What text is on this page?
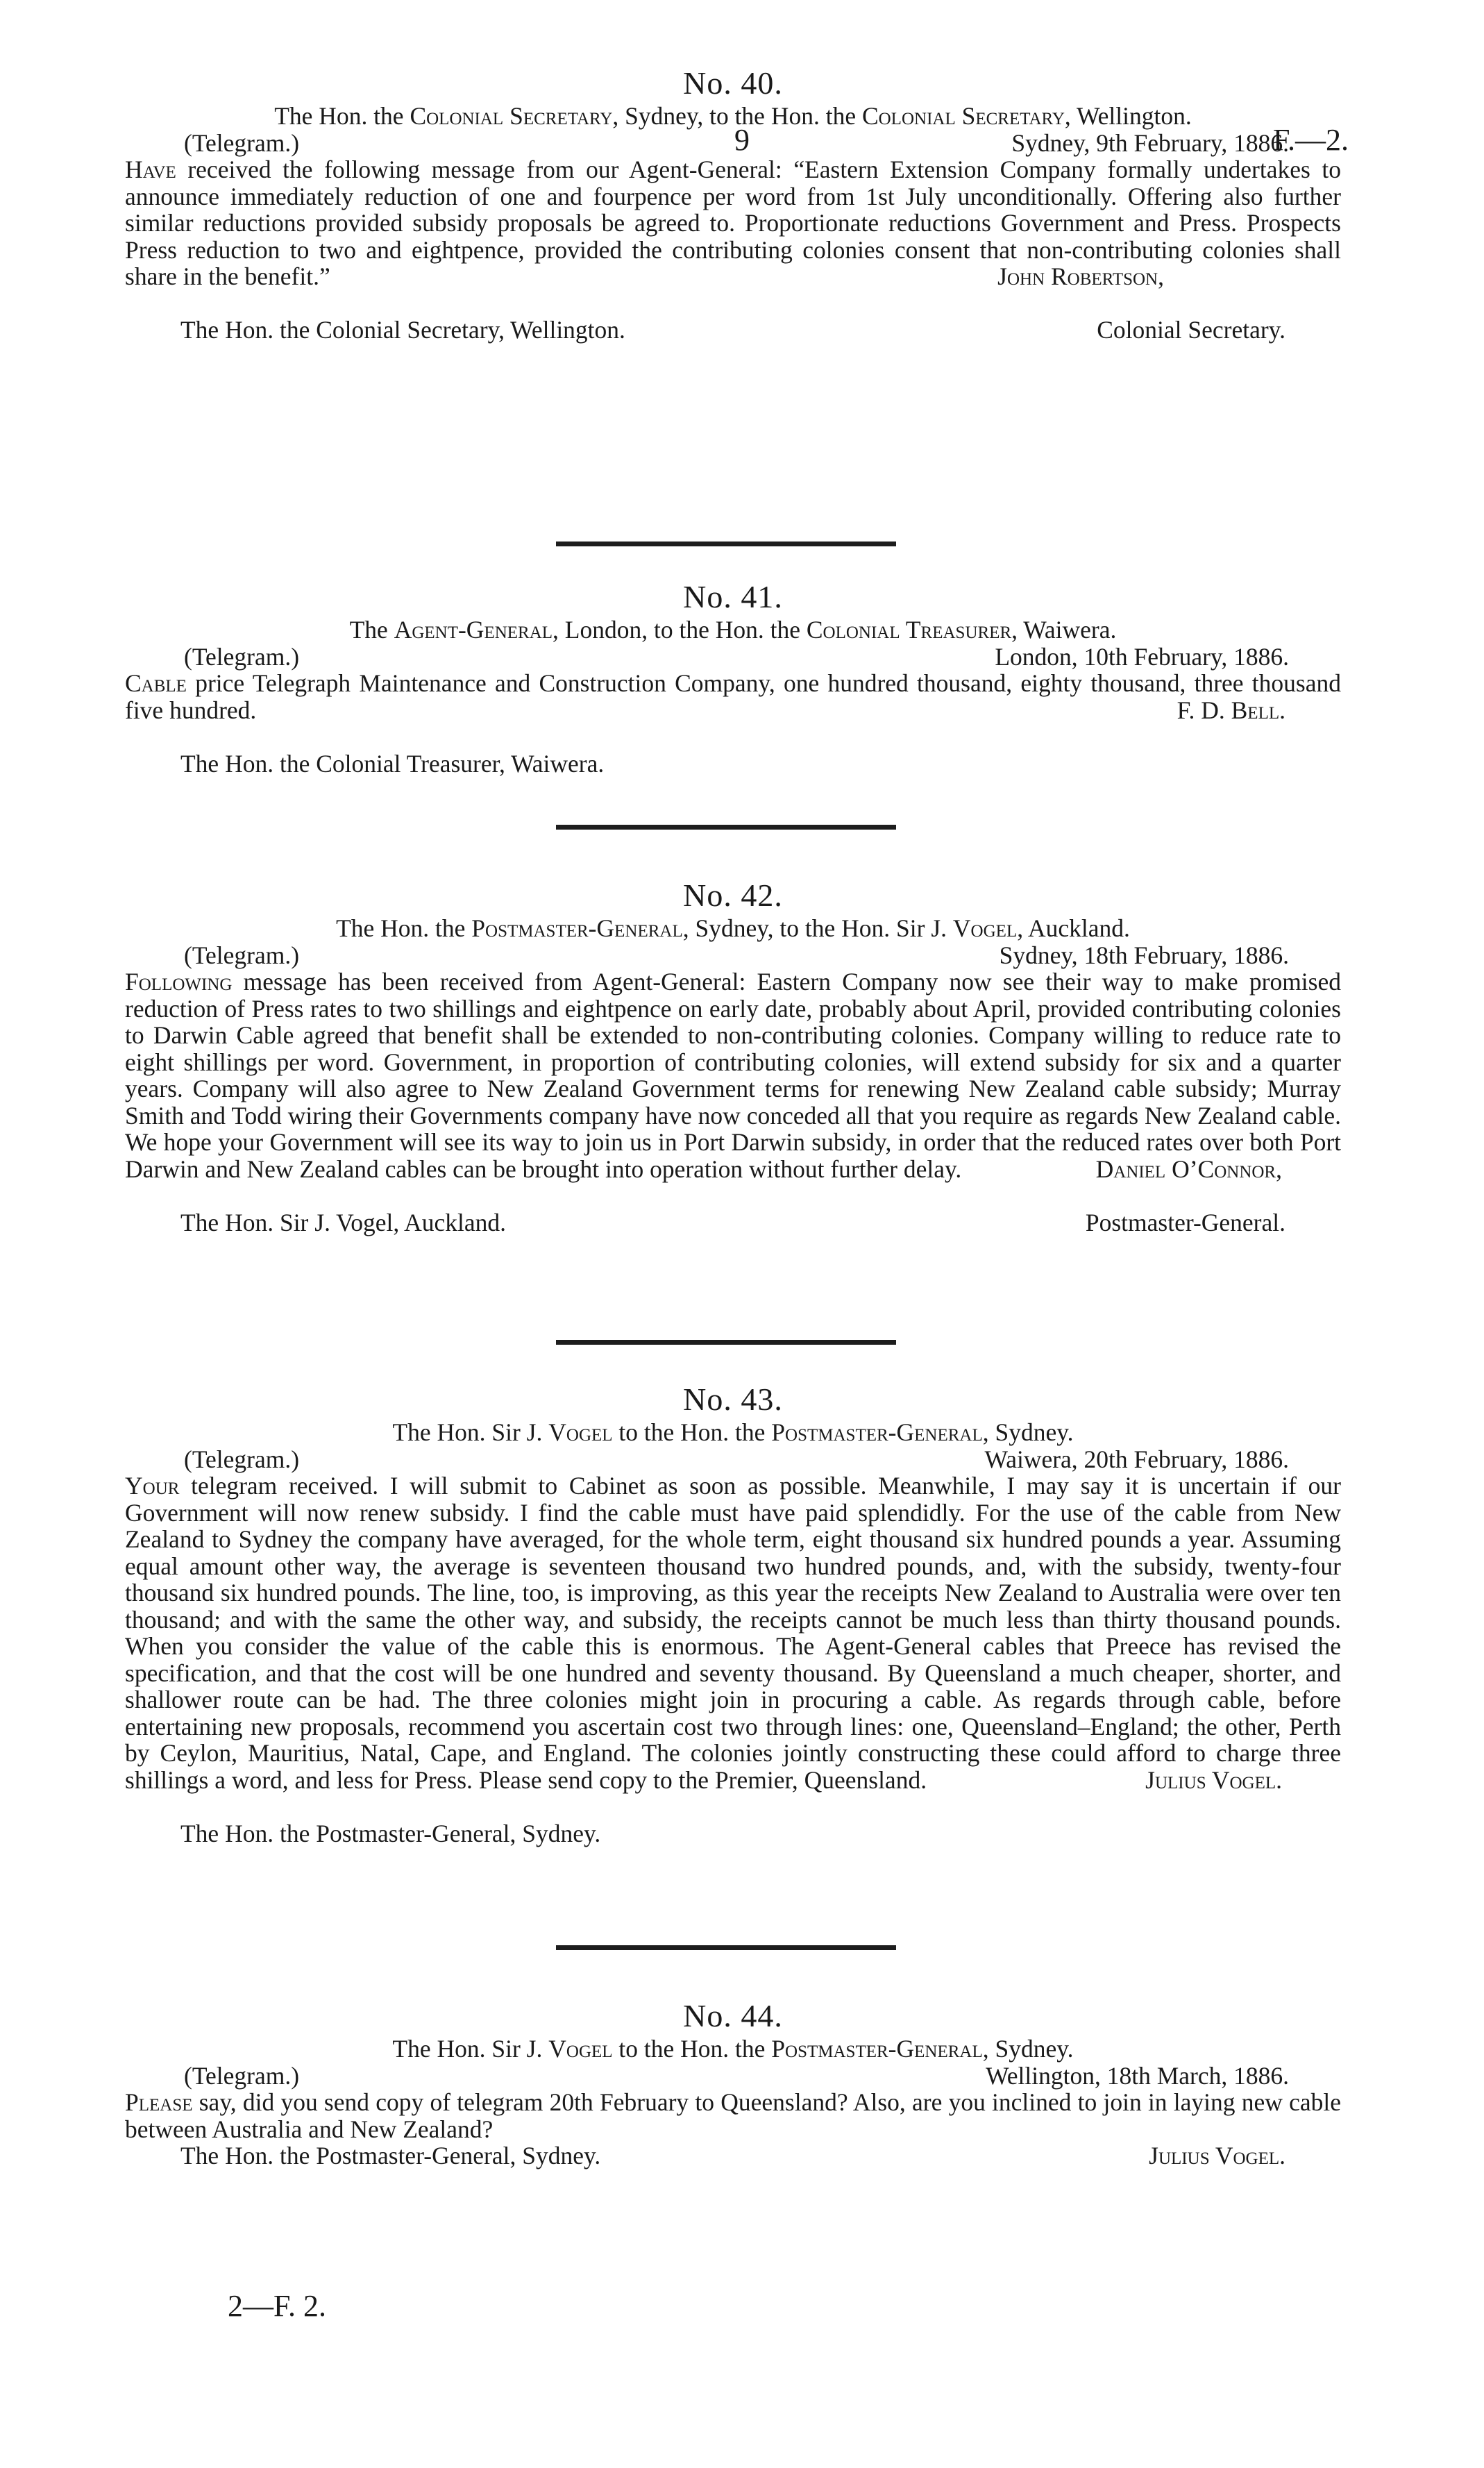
9	F.—2.
No. 40.
The Hon. the Colonial Secretary, Sydney, to the Hon. the Colonial Secretary, Wellington.
(Telegram.)	Sydney, 9th February, 1886.

Have received the following message from our Agent-General: “Eastern Extension Company formally undertakes to announce immediately reduction of one and fourpence per word from 1st July unconditionally. Offering also further similar reductions provided subsidy proposals be agreed to. Proportionate reductions Government and Press. Prospects Press reduction to two and eightpence, provided the contributing colonies consent that non-contributing colonies shall share in the benefit.”	John Robertson,
The Hon. the Colonial Secretary, Wellington.	Colonial Secretary.
No. 41.
The Agent-General, London, to the Hon. the Colonial Treasurer, Waiwera.
(Telegram.)	London, 10th February, 1886.

Cable price Telegraph Maintenance and Construction Company, one hundred thousand, eighty thousand, three thousand five hundred.	F. D. Bell.
The Hon. the Colonial Treasurer, Waiwera.
No. 42.
The Hon. the Postmaster-General, Sydney, to the Hon. Sir J. Vogel, Auckland.
(Telegram.)	Sydney, 18th February, 1886.

Following message has been received from Agent-General: Eastern Company now see their way to make promised reduction of Press rates to two shillings and eightpence on early date, probably about April, provided contributing colonies to Darwin Cable agreed that benefit shall be extended to non-contributing colonies. Company willing to reduce rate to eight shillings per word. Government, in proportion of contributing colonies, will extend subsidy for six and a quarter years. Company will also agree to New Zealand Government terms for renewing New Zealand cable subsidy; Murray Smith and Todd wiring their Governments company have now conceded all that you require as regards New Zealand cable. We hope your Government will see its way to join us in Port Darwin subsidy, in order that the reduced rates over both Port Darwin and New Zealand cables can be brought into operation without further delay.	Daniel O’Connor,
The Hon. Sir J. Vogel, Auckland.	Postmaster-General.
No. 43.
The Hon. Sir J. Vogel to the Hon. the Postmaster-General, Sydney.
(Telegram.)	Waiwera, 20th February, 1886.

Your telegram received. I will submit to Cabinet as soon as possible. Meanwhile, I may say it is uncertain if our Government will now renew subsidy. I find the cable must have paid splendidly. For the use of the cable from New Zealand to Sydney the company have averaged, for the whole term, eight thousand six hundred pounds a year. Assuming equal amount other way, the average is seventeen thousand two hundred pounds, and, with the subsidy, twenty-four thousand six hundred pounds. The line, too, is improving, as this year the receipts New Zealand to Australia were over ten thousand; and with the same the other way, and subsidy, the receipts cannot be much less than thirty thousand pounds. When you consider the value of the cable this is enormous. The Agent-General cables that Preece has revised the specification, and that the cost will be one hundred and seventy thousand. By Queensland a much cheaper, shorter, and shallower route can be had. The three colonies might join in procuring a cable. As regards through cable, before entertaining new proposals, recommend you ascertain cost two through lines: one, Queensland–England; the other, Perth by Ceylon, Mauritius, Natal, Cape, and England. The colonies jointly constructing these could afford to charge three shillings a word, and less for Press. Please send copy to the Premier, Queensland.	Julius Vogel.
The Hon. the Postmaster-General, Sydney.
No. 44.
The Hon. Sir J. Vogel to the Hon. the Postmaster-General, Sydney.
(Telegram.)	Wellington, 18th March, 1886.

Please say, did you send copy of telegram 20th February to Queensland? Also, are you inclined to join in laying new cable between Australia and New Zealand?

The Hon. the Postmaster-General, Sydney.	Julius Vogel.
2—F. 2.
